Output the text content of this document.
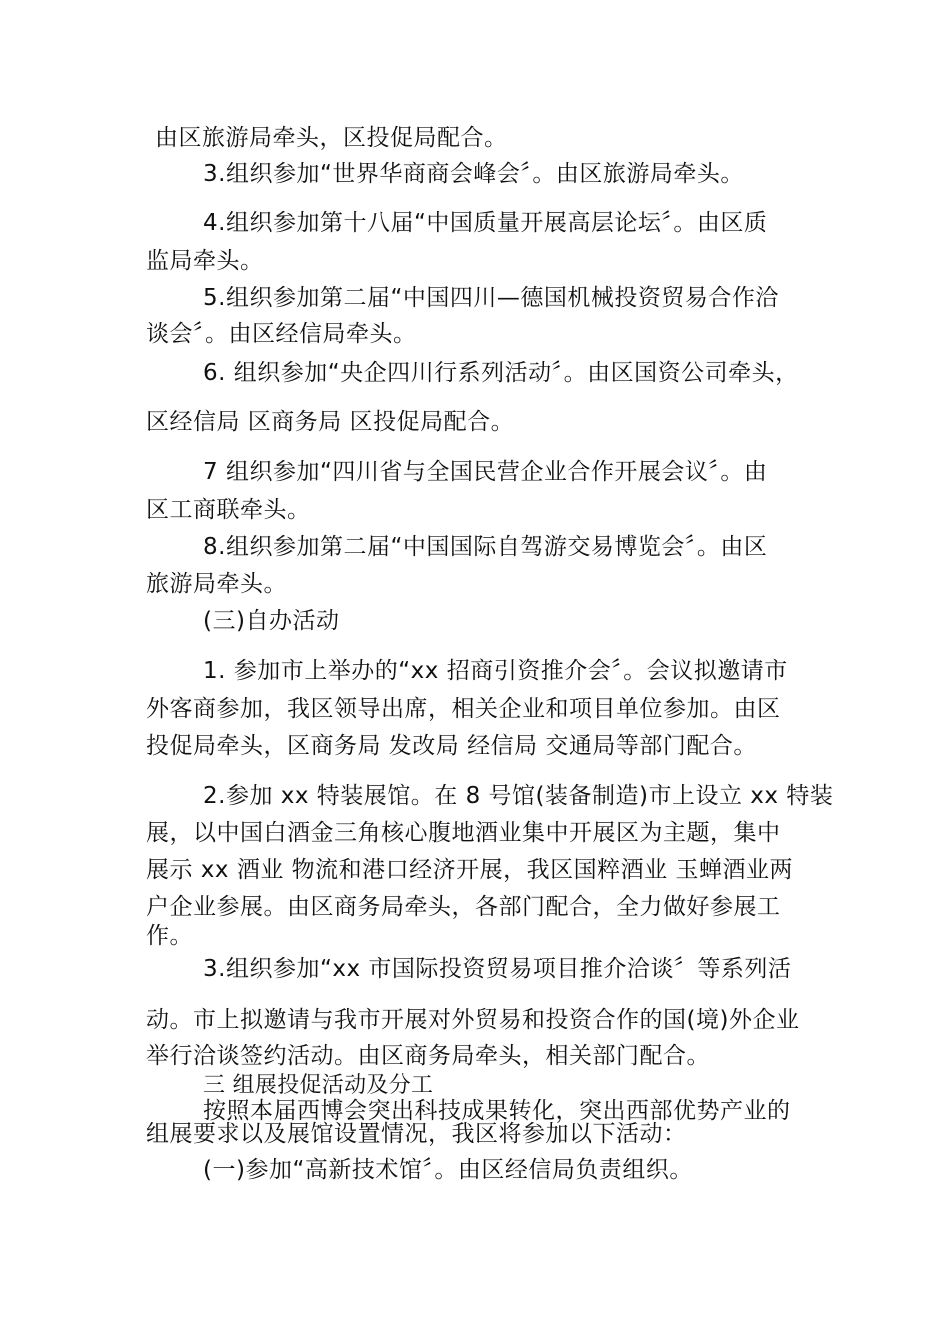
由区旅游局牵头，区投促局配合。
3.组织参加“世界华商商会峰会〞。由区旅游局牵头。
4.组织参加第十八届“中国质量开展高层论坛〞。由区质
监局牵头。
5.组织参加第二届“中国四川—德国机械投资贸易合作洽
谈会〞。由区经信局牵头。
6. 组织参加“央企四川行系列活动〞。由区国资公司牵头，
区经信局 区商务局 区投促局配合。
7 组织参加“四川省与全国民营企业合作开展会议〞。由
区工商联牵头。
8.组织参加第二届“中国国际自驾游交易博览会〞。由区
旅游局牵头。
(三)自办活动
1. 参加市上举办的“xx 招商引资推介会〞。会议拟邀请市
外客商参加，我区领导出席，相关企业和项目单位参加。由区
投促局牵头，区商务局 发改局 经信局 交通局等部门配合。
2.参加 xx 特装展馆。在 8 号馆(装备制造)市上设立 xx 特装
展，以中国白酒金三角核心腹地酒业集中开展区为主题，集中
展示 xx 酒业 物流和港口经济开展，我区国粹酒业 玉蝉酒业两
户企业参展。由区商务局牵头，各部门配合，全力做好参展工
作。
3.组织参加“xx 市国际投资贸易项目推介洽谈〞等系列活
动。市上拟邀请与我市开展对外贸易和投资合作的国(境)外企业
举行洽谈签约活动。由区商务局牵头，相关部门配合。
三 组展投促活动及分工
按照本届西博会突出科技成果转化，突出西部优势产业的
组展要求以及展馆设置情况，我区将参加以下活动：
(一)参加“高新技术馆〞。由区经信局负责组织。
